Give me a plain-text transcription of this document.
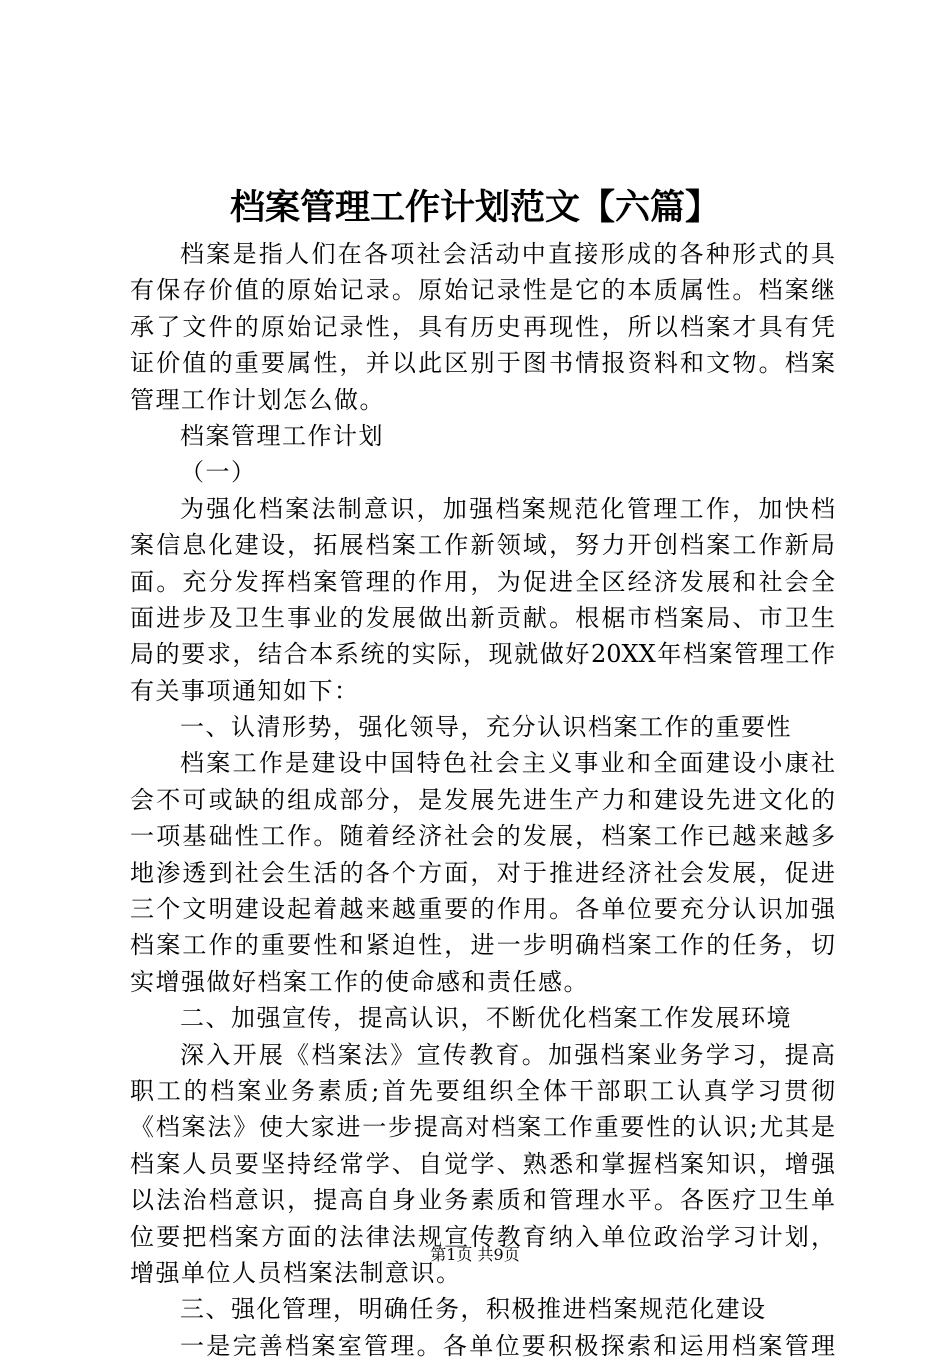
档案管理工作计划范文【六篇】
档案是指人们在各项社会活动中直接形成的各种形式的具
有保存价值的原始记录。原始记录性是它的本质属性。档案继
承了文件的原始记录性，具有历史再现性，所以档案才具有凭
证价值的重要属性，并以此区别于图书情报资料和文物。档案
管理工作计划怎么做。
档案管理工作计划
（一）
为强化档案法制意识，加强档案规范化管理工作，加快档
案信息化建设，拓展档案工作新领域，努力开创档案工作新局
面。充分发挥档案管理的作用，为促进全区经济发展和社会全
面进步及卫生事业的发展做出新贡献。根椐市档案局、市卫生
局的要求，结合本系统的实际，现就做好20XX年档案管理工作
有关事项通知如下：
一、认清形势，强化领导，充分认识档案工作的重要性
档案工作是建设中国特色社会主义事业和全面建设小康社
会不可或缺的组成部分，是发展先进生产力和建设先进文化的
一项基础性工作。随着经济社会的发展，档案工作已越来越多
地渗透到社会生活的各个方面，对于推进经济社会发展，促进
三个文明建设起着越来越重要的作用。各单位要充分认识加强
档案工作的重要性和紧迫性，进一步明确档案工作的任务，切
实增强做好档案工作的使命感和责任感。
二、加强宣传，提高认识，不断优化档案工作发展环境
深入开展《档案法》宣传教育。加强档案业务学习，提高
职工的档案业务素质;首先要组织全体干部职工认真学习贯彻
《档案法》使大家进一步提高对档案工作重要性的认识;尤其是
档案人员要坚持经常学、自觉学、熟悉和掌握档案知识，增强
以法治档意识，提高自身业务素质和管理水平。各医疗卫生单
位要把档案方面的法律法规宣传教育纳入单位政治学习计划，
增强单位人员档案法制意识。
三、强化管理，明确任务，积极推进档案规范化建设
一是完善档案室管理。各单位要积极探索和运用档案管理
第1页 共9页
